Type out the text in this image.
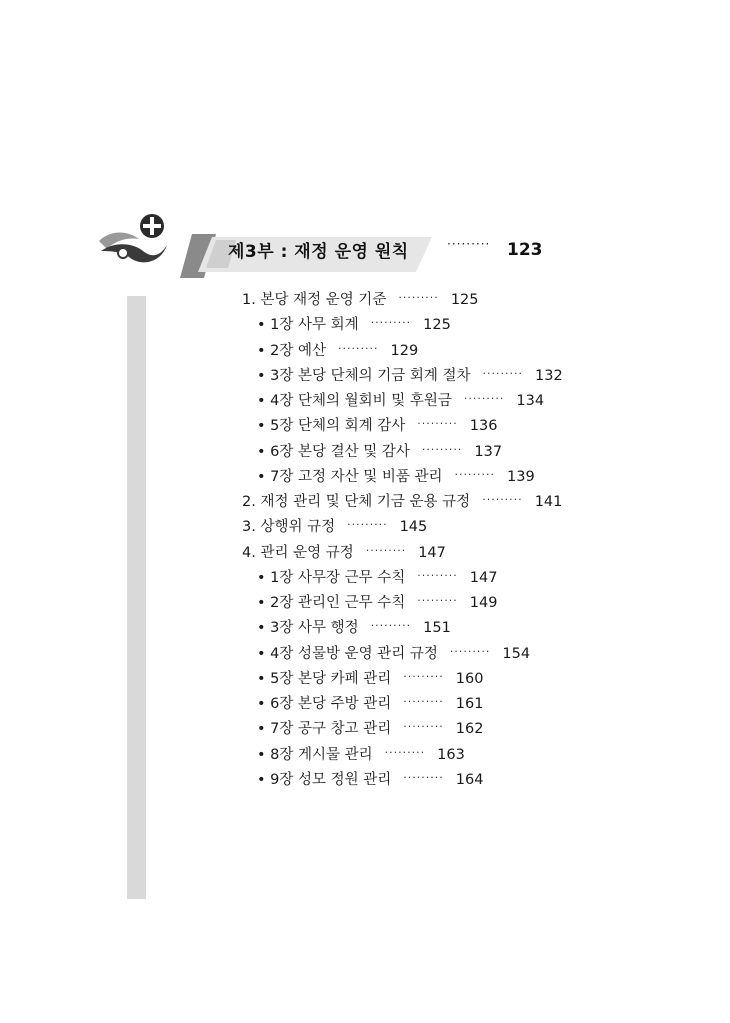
제3부 : 재정 운영 원칙	········· 123
1. 본당 재정 운영 기준 ········· 125
• 1장 사무 회계 ········· 125
• 2장 예산 ········· 129
• 3장 본당 단체의 기금 회계 절차 ········· 132
• 4장 단체의 월회비 및 후원금 ········· 134
• 5장 단체의 회계 감사 ········· 136
• 6장 본당 결산 및 감사 ········· 137
• 7장 고정 자산 및 비품 관리 ········· 139
2. 재정 관리 및 단체 기금 운용 규정 ········· 141
3. 상행위 규정 ········· 145
4. 관리 운영 규정 ········· 147
• 1장 사무장 근무 수칙 ········· 147
• 2장 관리인 근무 수칙 ········· 149
• 3장 사무 행정 ········· 151
• 4장 성물방 운영 관리 규정 ········· 154
• 5장 본당 카페 관리 ········· 160
• 6장 본당 주방 관리 ········· 161
• 7장 공구 창고 관리 ········· 162
• 8장 게시물 관리 ········· 163
• 9장 성모 정원 관리 ········· 164
